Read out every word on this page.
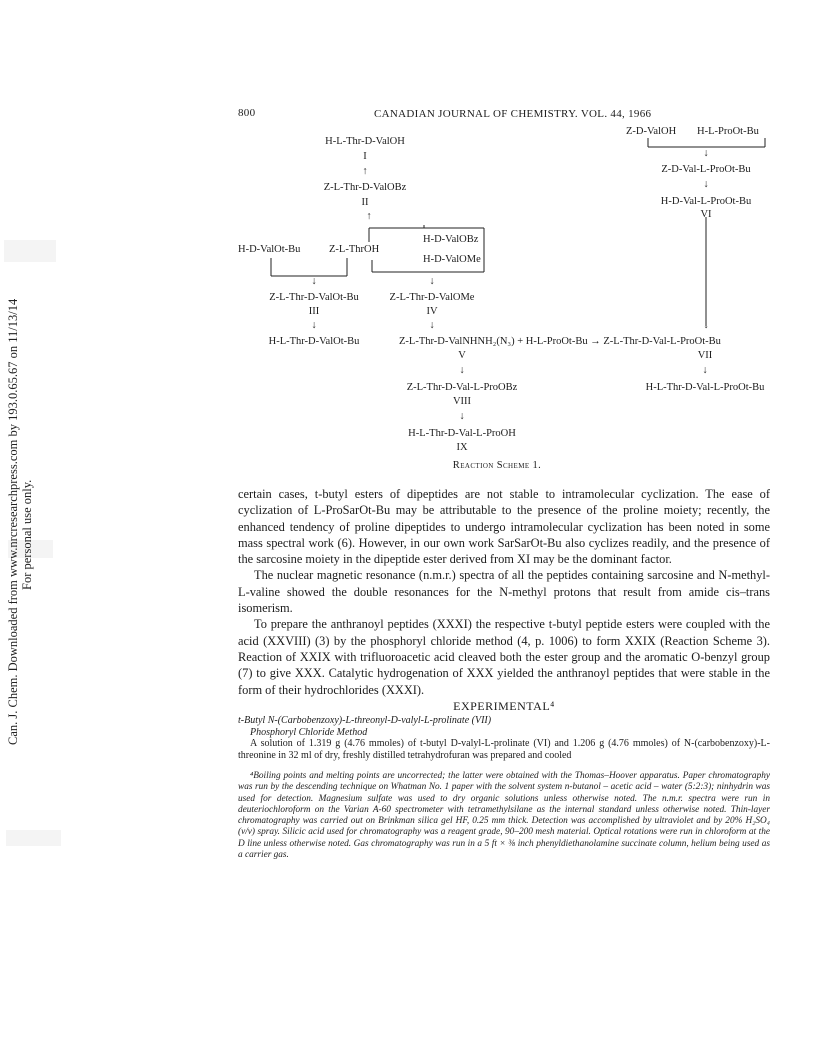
Can. J. Chem. Downloaded from www.nrcresearchpress.com by 193.0.65.67 on 11/13/14 For personal use only.
800	CANADIAN JOURNAL OF CHEMISTRY. VOL. 44, 1966
H-L-Thr-D-ValOH
I
↑
Z-L-Thr-D-ValOBz
II
↑
H-D-ValOBz
H-D-ValOt-Bu	Z-L-ThrOH
H-D-ValOMe
↓	↓
Z-L-Thr-D-ValOt-Bu	Z-L-Thr-D-ValOMe
III	IV
↓	↓
H-L-Thr-D-ValOt-Bu	Z-L-Thr-D-ValNHNH₂(N₃) + H-L-ProOt-Bu → Z-L-Thr-D-Val-L-ProOt-Bu
V	VII
↓	↓
Z-L-Thr-D-Val-L-ProOBz	H-L-Thr-D-Val-L-ProOt-Bu
VIII
↓
H-L-Thr-D-Val-L-ProOH
IX
Reaction Scheme 1.
Z-D-ValOH H-L-ProOt-Bu
↓
Z-D-Val-L-ProOt-Bu
↓
H-D-Val-L-ProOt-Bu
VI
↓

certain cases, t-butyl esters of dipeptides are not stable to intramolecular cyclization. The ease of cyclization of L-ProSarOt-Bu may be attributable to the presence of the proline moiety; recently, the enhanced tendency of proline dipeptides to undergo intramolecular cyclization has been noted in some mass spectral work (6). However, in our own work SarSarOt-Bu also cyclizes readily, and the presence of the sarcosine moiety in the dipeptide ester derived from XI may be the dominant factor.

The nuclear magnetic resonance (n.m.r.) spectra of all the peptides containing sarcosine and N-methyl-L-valine showed the double resonances for the N-methyl protons that result from amide cis–trans isomerism.

To prepare the anthranoyl peptides (XXXI) the respective t-butyl peptide esters were coupled with the acid (XXVIII) (3) by the phosphoryl chloride method (4, p. 1006) to form XXIX (Reaction Scheme 3). Reaction of XXIX with trifluoroacetic acid cleaved both the ester group and the aromatic O-benzyl group (7) to give XXX. Catalytic hydrogenation of XXX yielded the anthranoyl peptides that were stable in the form of their hydrochlorides (XXXI).

EXPERIMENTAL⁴

t-Butyl N-(Carbobenzoxy)-L-threonyl-D-valyl-L-prolinate (VII)

Phosphoryl Chloride Method

A solution of 1.319 g (4.76 mmoles) of t-butyl D-valyl-L-prolinate (VI) and 1.206 g (4.76 mmoles) of N-(carbobenzoxy)-L-threonine in 32 ml of dry, freshly distilled tetrahydrofuran was prepared and cooled

⁴Boiling points and melting points are uncorrected; the latter were obtained with the Thomas–Hoover apparatus. Paper chromatography was run by the descending technique on Whatman No. 1 paper with the solvent system n-butanol – acetic acid – water (5:2:3); ninhydrin was used for detection. Magnesium sulfate was used to dry organic solutions unless otherwise noted. The n.m.r. spectra were run in deuteriochloroform on the Varian A-60 spectrometer with tetramethylsilane as the internal standard unless otherwise noted. Thin-layer chromatography was carried out on Brinkman silica gel HF, 0.25 mm thick. Detection was accomplished by ultraviolet and by 20% H₂SO₄ (v/v) spray. Silicic acid used for chromatography was a reagent grade, 90–200 mesh material. Optical rotations were run in chloroform at the D line unless otherwise noted. Gas chromatography was run in a 5 ft × ⅜ inch phenyldiethanolamine succinate column, helium being used as a carrier gas.
